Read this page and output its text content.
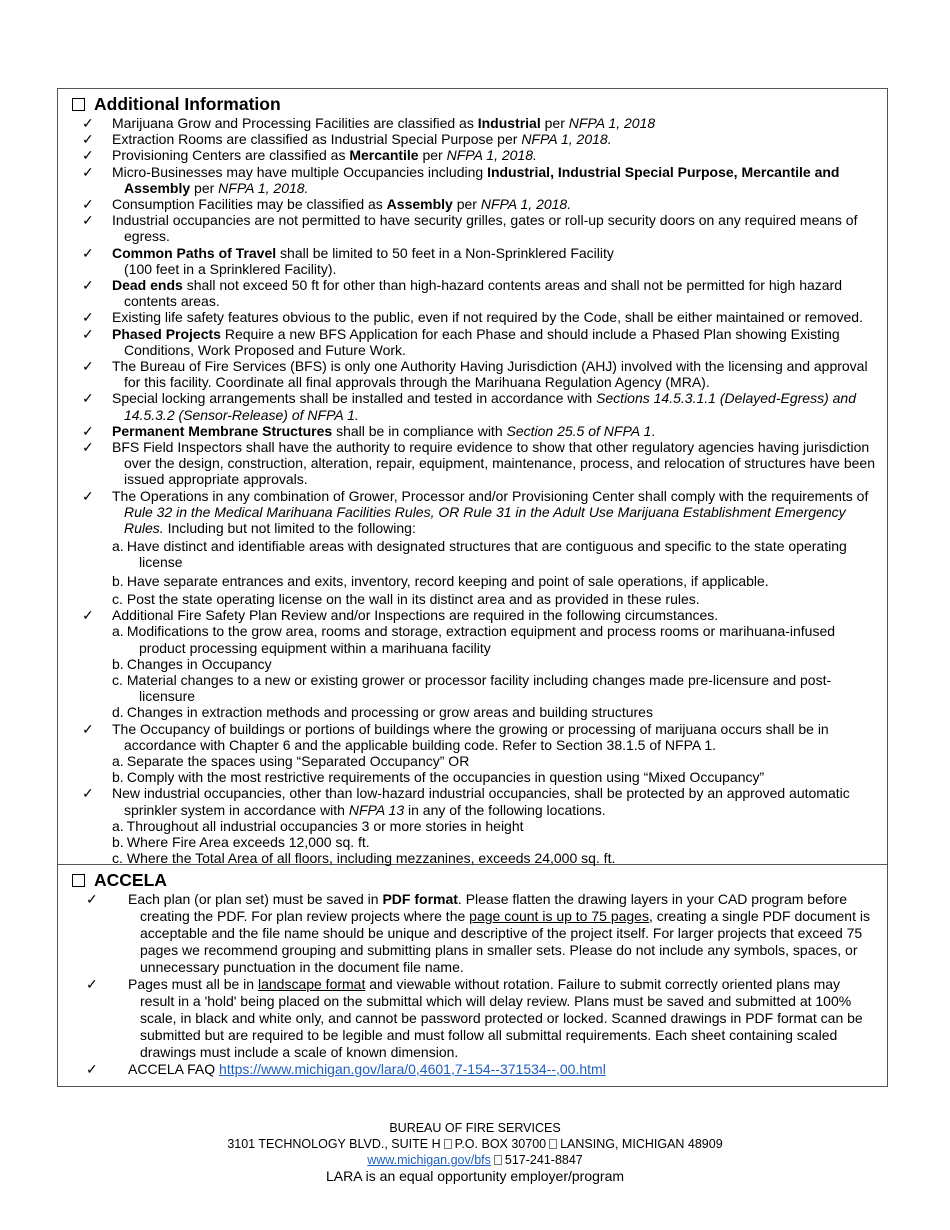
Additional Information
✓	Marijuana Grow and Processing Facilities are classified as Industrial per NFPA 1, 2018
✓	Extraction Rooms are classified as Industrial Special Purpose per NFPA 1, 2018.
✓	Provisioning Centers are classified as Mercantile per NFPA 1, 2018.
✓	Micro-Businesses may have multiple Occupancies including Industrial, Industrial Special Purpose, Mercantile and Assembly per NFPA 1, 2018.
✓	Consumption Facilities may be classified as Assembly per NFPA 1, 2018.
✓	Industrial occupancies are not permitted to have security grilles, gates or roll-up security doors on any required means of egress.
✓	Common Paths of Travel shall be limited to 50 feet in a Non-Sprinklered Facility
(100 feet in a Sprinklered Facility).
✓	Dead ends shall not exceed 50 ft for other than high-hazard contents areas and shall not be permitted for high hazard contents areas.
✓	Existing life safety features obvious to the public, even if not required by the Code, shall be either maintained or removed.
✓	Phased Projects Require a new BFS Application for each Phase and should include a Phased Plan showing Existing Conditions, Work Proposed and Future Work.
✓	The Bureau of Fire Services (BFS) is only one Authority Having Jurisdiction (AHJ) involved with the licensing and approval for this facility. Coordinate all final approvals through the Marihuana Regulation Agency (MRA).
✓	Special locking arrangements shall be installed and tested in accordance with Sections 14.5.3.1.1 (Delayed-Egress) and 14.5.3.2 (Sensor-Release) of NFPA 1.
✓	Permanent Membrane Structures shall be in compliance with Section 25.5 of NFPA 1.
✓	BFS Field Inspectors shall have the authority to require evidence to show that other regulatory agencies having jurisdiction over the design, construction, alteration, repair, equipment, maintenance, process, and relocation of structures have been issued appropriate approvals.
✓	The Operations in any combination of Grower, Processor and/or Provisioning Center shall comply with the requirements of Rule 32 in the Medical Marihuana Facilities Rules, OR Rule 31 in the Adult Use Marijuana Establishment Emergency Rules. Including but not limited to the following:
a. Have distinct and identifiable areas with designated structures that are contiguous and specific to the state operating license
b. Have separate entrances and exits, inventory, record keeping and point of sale operations, if applicable.
c. Post the state operating license on the wall in its distinct area and as provided in these rules.
✓	Additional Fire Safety Plan Review and/or Inspections are required in the following circumstances.
a. Modifications to the grow area, rooms and storage, extraction equipment and process rooms or marihuana-infused product processing equipment within a marihuana facility
b. Changes in Occupancy
c. Material changes to a new or existing grower or processor facility including changes made pre-licensure and post-licensure
d. Changes in extraction methods and processing or grow areas and building structures
✓	The Occupancy of buildings or portions of buildings where the growing or processing of marijuana occurs shall be in accordance with Chapter 6 and the applicable building code. Refer to Section 38.1.5 of NFPA 1.
a. Separate the spaces using “Separated Occupancy” OR
b. Comply with the most restrictive requirements of the occupancies in question using “Mixed Occupancy”
✓	New industrial occupancies, other than low-hazard industrial occupancies, shall be protected by an approved automatic sprinkler system in accordance with NFPA 13 in any of the following locations.
a. Throughout all industrial occupancies 3 or more stories in height
b. Where Fire Area exceeds 12,000 sq. ft.
c. Where the Total Area of all floors, including mezzanines, exceeds 24,000 sq. ft.
ACCELA
✓	Each plan (or plan set) must be saved in PDF format. Please flatten the drawing layers in your CAD program before creating the PDF. For plan review projects where the page count is up to 75 pages, creating a single PDF document is acceptable and the file name should be unique and descriptive of the project itself. For larger projects that exceed 75 pages we recommend grouping and submitting plans in smaller sets. Please do not include any symbols, spaces, or unnecessary punctuation in the document file name.
✓	Pages must all be in landscape format and viewable without rotation. Failure to submit correctly oriented plans may result in a 'hold' being placed on the submittal which will delay review. Plans must be saved and submitted at 100% scale, in black and white only, and cannot be password protected or locked. Scanned drawings in PDF format can be submitted but are required to be legible and must follow all submittal requirements. Each sheet containing scaled drawings must include a scale of known dimension.
✓	ACCELA FAQ https://www.michigan.gov/lara/0,4601,7-154--371534--,00.html
BUREAU OF FIRE SERVICES
3101 TECHNOLOGY BLVD., SUITE H P.O. BOX 30700 LANSING, MICHIGAN 48909
www.michigan.gov/bfs 517-241-8847
LARA is an equal opportunity employer/program
